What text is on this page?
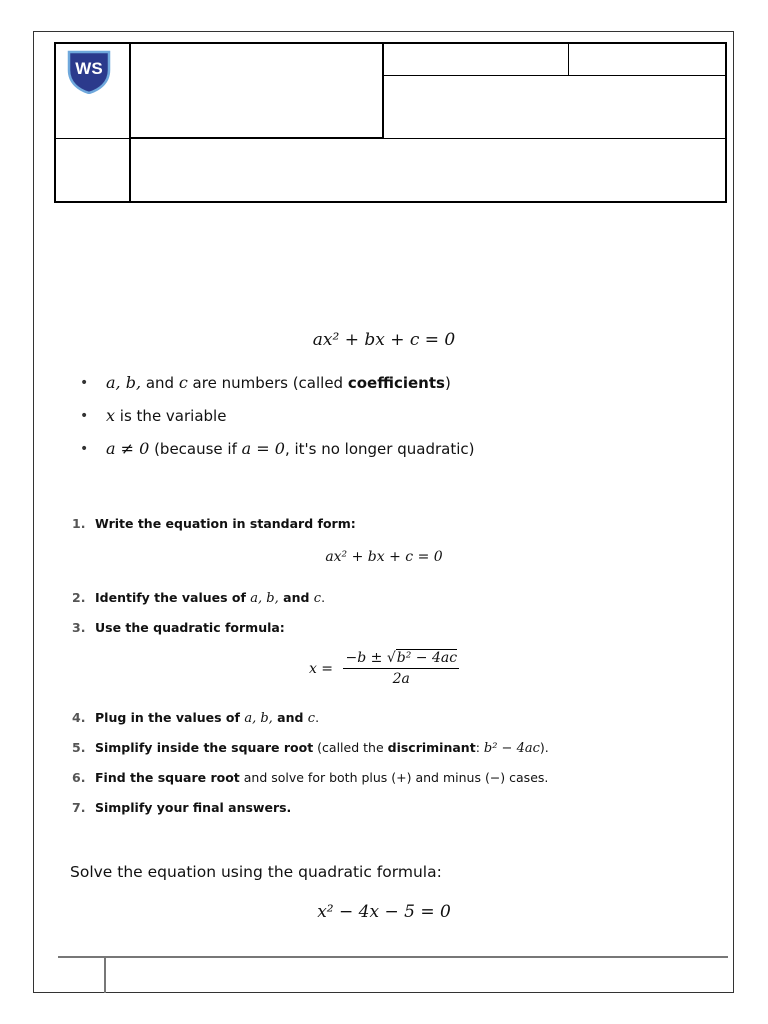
WS
ax² + bx + c = 0
• a, b, and c are numbers (called coefficients)
• x is the variable
• a ≠ 0 (because if a = 0, it's no longer quadratic)
1. Write the equation in standard form:
ax² + bx + c = 0
2. Identify the values of a, b, and c.
3. Use the quadratic formula:
$x = \frac{\text{−b ± √b² − 4ac}}{2a}$
4. Plug in the values of a, b, and c.
5. Simplify inside the square root (called the discriminant: b² − 4ac).
6. Find the square root and solve for both plus (+) and minus (−) cases.
7. Simplify your final answers.
Solve the equation using the quadratic formula:
x² − 4x − 5 = 0
